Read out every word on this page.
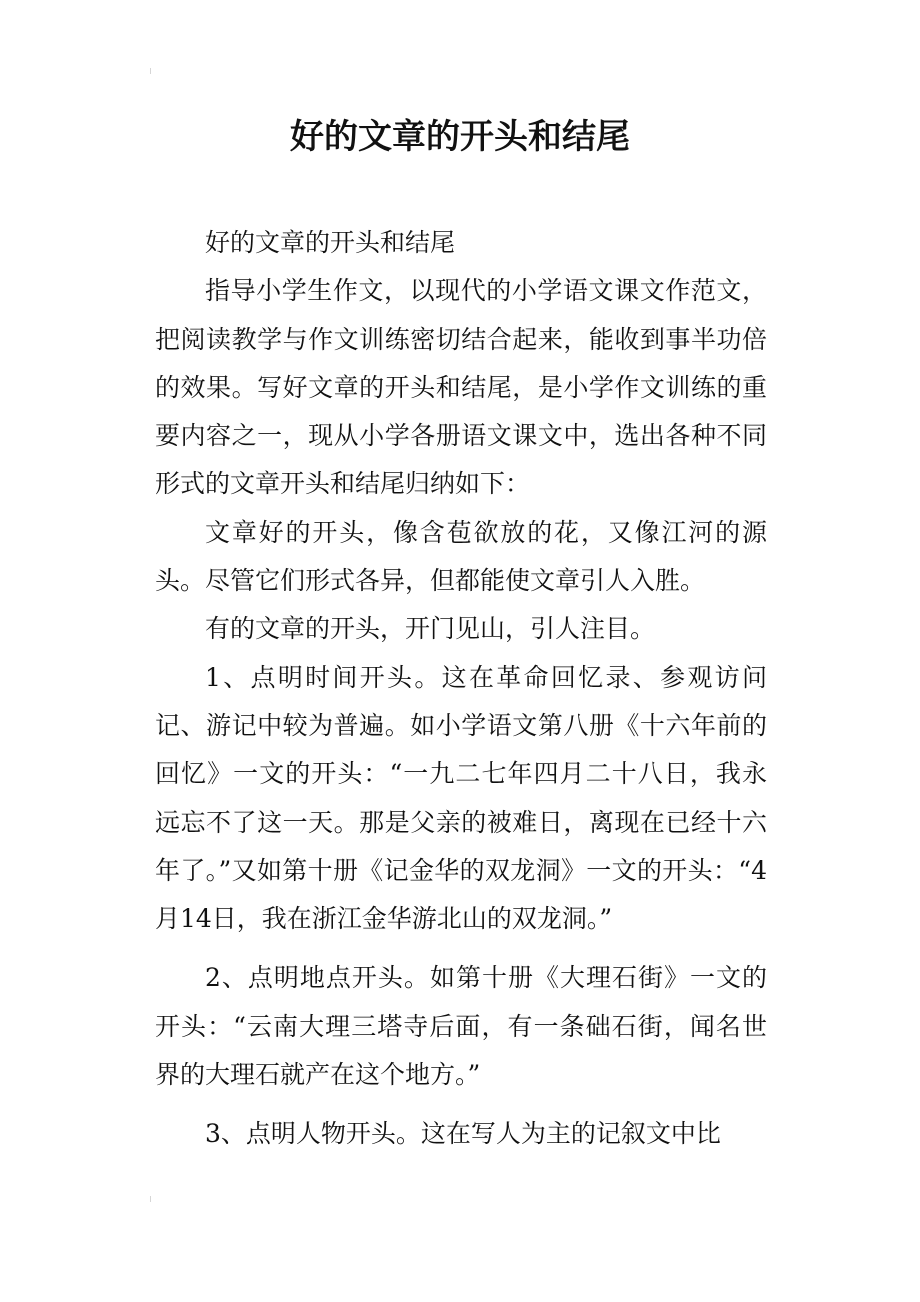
好的文章的开头和结尾

好的文章的开头和结尾

指导小学生作文，以现代的小学语文课文作范文，把阅读教学与作文训练密切结合起来，能收到事半功倍的效果。写好文章的开头和结尾，是小学作文训练的重要内容之一，现从小学各册语文课文中，选出各种不同形式的文章开头和结尾归纳如下：

文章好的开头，像含苞欲放的花，又像江河的源头。尽管它们形式各异，但都能使文章引人入胜。

有的文章的开头，开门见山，引人注目。

1、点明时间开头。这在革命回忆录、参观访问记、游记中较为普遍。如小学语文第八册《十六年前的回忆》一文的开头：“一九二七年四月二十八日，我永远忘不了这一天。那是父亲的被难日，离现在已经十六年了。”又如第十册《记金华的双龙洞》一文的开头：“4月14日，我在浙江金华游北山的双龙洞。”

2、点明地点开头。如第十册《大理石街》一文的开头：“云南大理三塔寺后面，有一条础石街，闻名世界的大理石就产在这个地方。”

3、点明人物开头。这在写人为主的记叙文中比
